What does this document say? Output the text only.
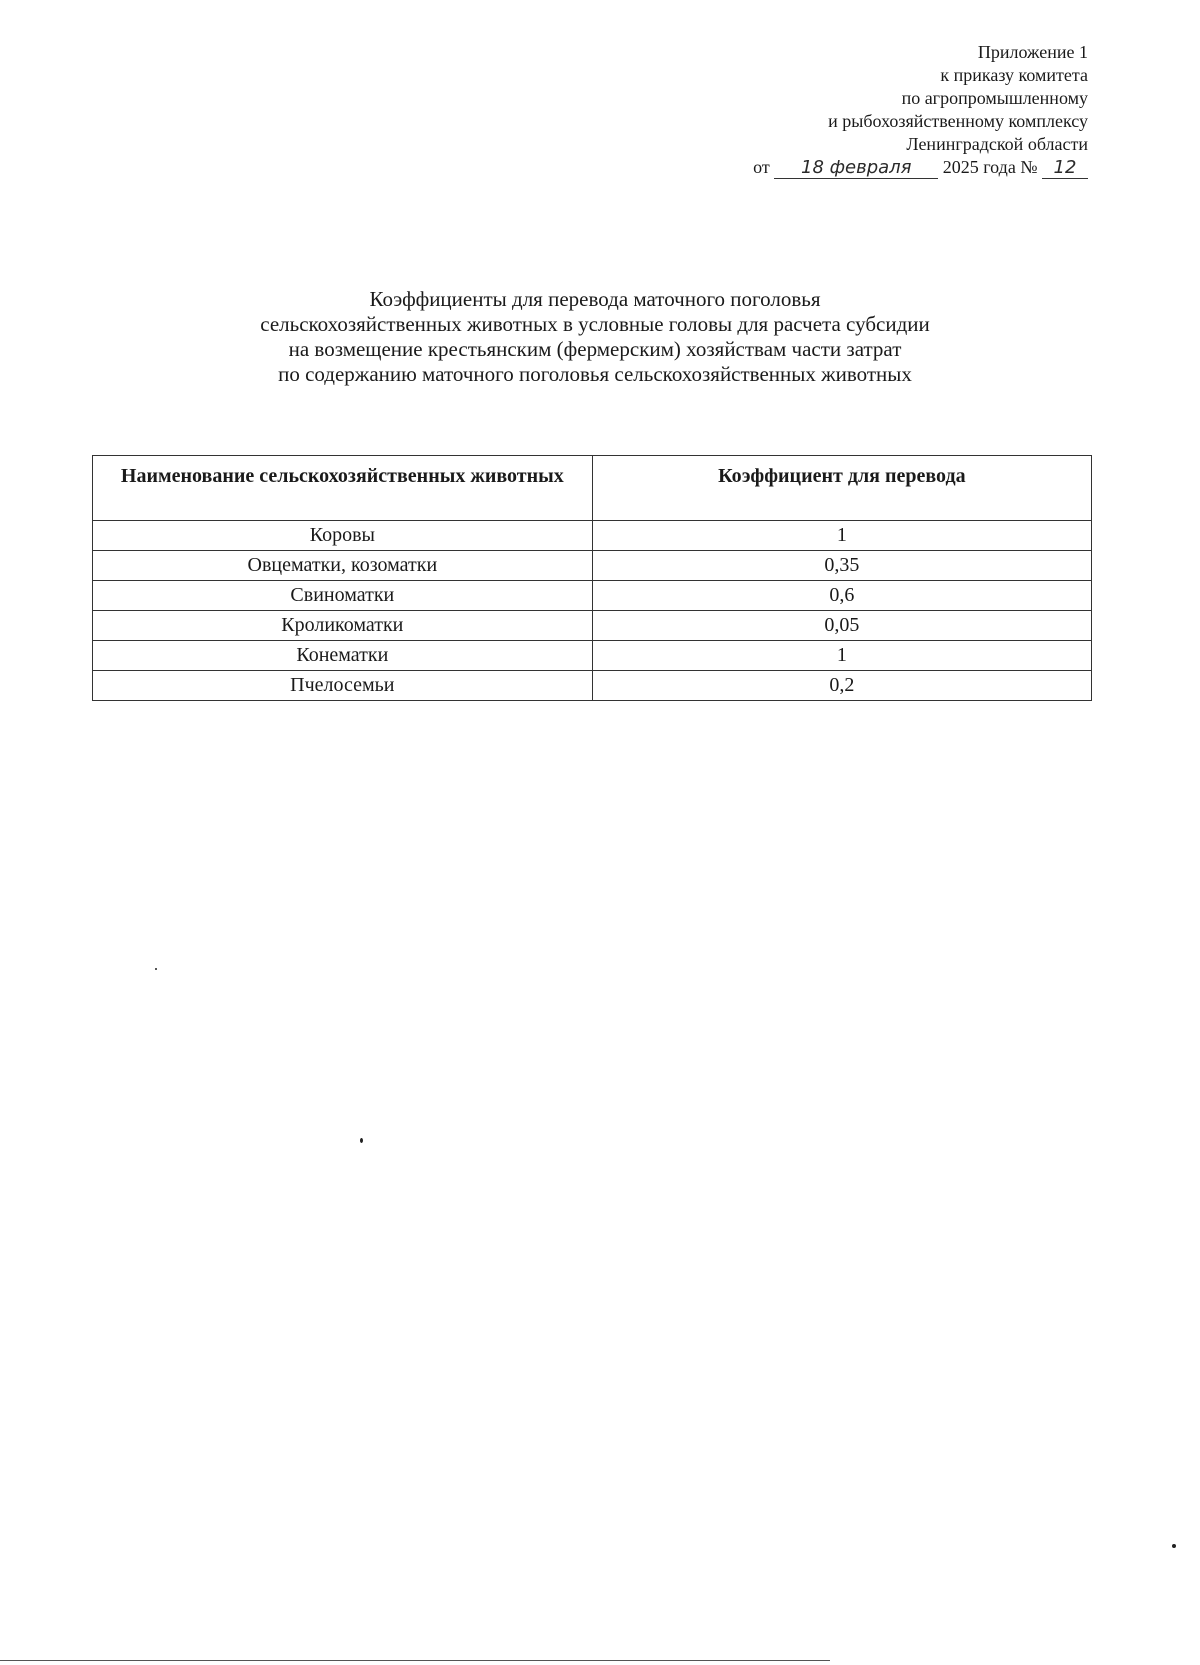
Приложение 1
к приказу комитета
по агропромышленному
и рыбохозяйственному комплексу
Ленинградской области
от 18 февраля 2025 года № 12
Коэффициенты для перевода маточного поголовья
сельскохозяйственных животных в условные головы для расчета субсидии
на возмещение крестьянским (фермерским) хозяйствам части затрат
по содержанию маточного поголовья сельскохозяйственных животных
Наименование сельскохозяйственных животных	Коэффициент для перевода
Коровы	1
Овцематки, козоматки	0,35
Свиноматки	0,6
Кроликоматки	0,05
Конематки	1
Пчелосемьи	0,2
